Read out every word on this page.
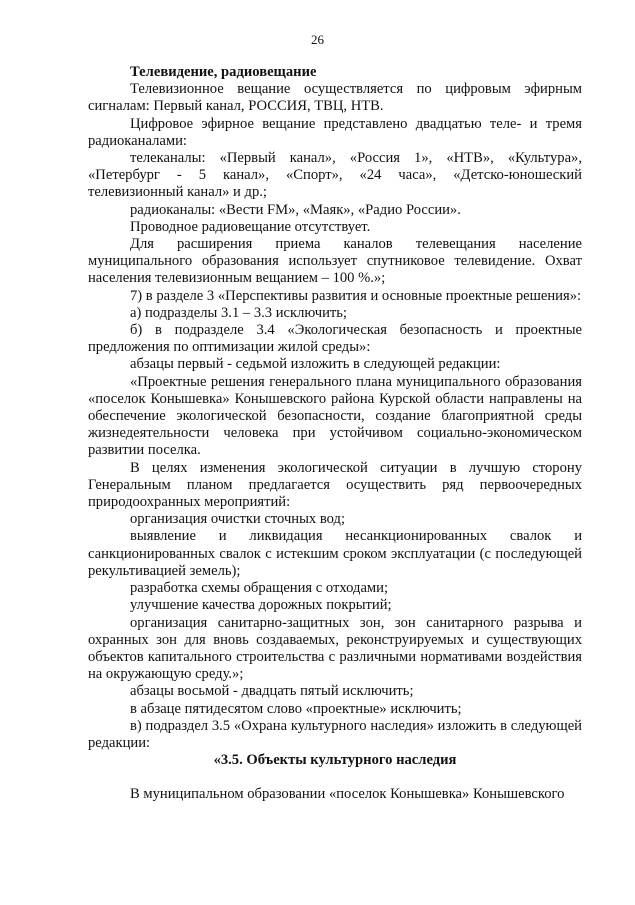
26

Телевидение, радиовещание

Телевизионное вещание осуществляется по цифровым эфирным сигналам: Первый канал, РОССИЯ, ТВЦ, НТВ.

Цифровое эфирное вещание представлено двадцатью теле- и тремя радиоканалами:

телеканалы: «Первый канал», «Россия 1», «НТВ», «Культура», «Петербург - 5 канал», «Спорт», «24 часа», «Детско-юношеский телевизионный канал» и др.;

радиоканалы: «Вести FM», «Маяк», «Радио России».

Проводное радиовещание отсутствует.

Для расширения приема каналов телевещания население муниципального образования использует спутниковое телевидение. Охват населения телевизионным вещанием – 100 %.»;

7) в разделе 3 «Перспективы развития и основные проектные решения»:

а) подразделы 3.1 – 3.3 исключить;

б) в подразделе 3.4 «Экологическая безопасность и проектные предложения по оптимизации жилой среды»:

абзацы первый - седьмой изложить в следующей редакции:

«Проектные решения генерального плана муниципального образования «поселок Конышевка» Конышевского района Курской области направлены на обеспечение экологической безопасности, создание благоприятной среды жизнедеятельности человека при устойчивом социально-экономическом развитии поселка.

В целях изменения экологической ситуации в лучшую сторону Генеральным планом предлагается осуществить ряд первоочередных природоохранных мероприятий:

организация очистки сточных вод;

выявление и ликвидация несанкционированных свалок и санкционированных свалок с истекшим сроком эксплуатации (с последующей рекультивацией земель);

разработка схемы обращения с отходами;

улучшение качества дорожных покрытий;

организация санитарно-защитных зон, зон санитарного разрыва и охранных зон для вновь создаваемых, реконструируемых и существующих объектов капитального строительства с различными нормативами воздействия на окружающую среду.»;

абзацы восьмой - двадцать пятый исключить;

в абзаце пятидесятом слово «проектные» исключить;

в) подраздел 3.5 «Охрана культурного наследия» изложить в следующей редакции:

«3.5. Объекты культурного наследия

В муниципальном образовании «поселок Конышевка» Конышевского
